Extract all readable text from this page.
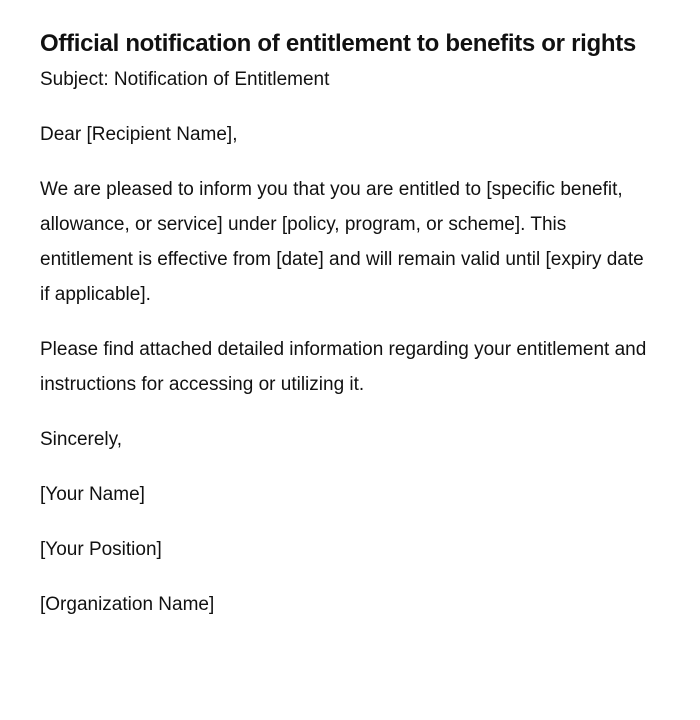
Official notification of entitlement to benefits or rights

Subject: Notification of Entitlement

Dear [Recipient Name],

We are pleased to inform you that you are entitled to [specific benefit, allowance, or service] under [policy, program, or scheme]. This entitlement is effective from [date] and will remain valid until [expiry date if applicable].

Please find attached detailed information regarding your entitlement and instructions for accessing or utilizing it.

Sincerely,

[Your Name]

[Your Position]

[Organization Name]
